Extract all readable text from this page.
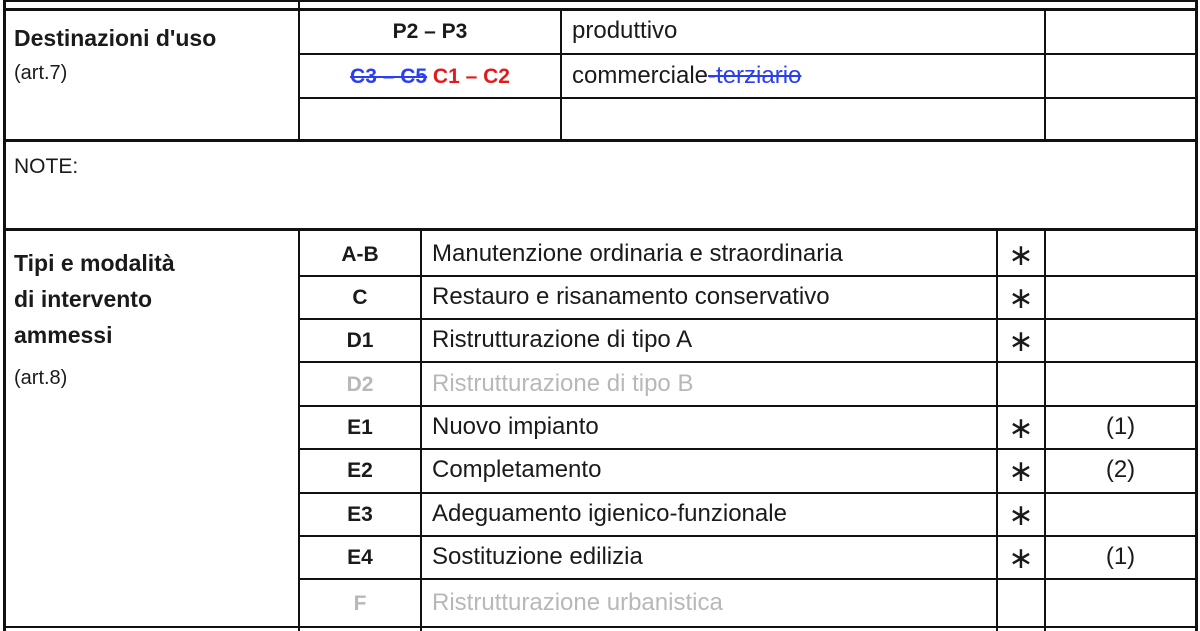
Destinazioni d'uso
(art.7)
P2 – P3	produttivo
C3 – C5 C1 – C2	commerciale-terziario
NOTE:
Tipi e modalità
di intervento
ammessi
(art.8)
A-B	Manutenzione ordinaria e straordinaria	∗
C	Restauro e risanamento conservativo	∗
D1	Ristrutturazione di tipo A	∗
D2	Ristrutturazione di tipo B
E1	Nuovo impianto	∗	(1)
E2	Completamento	∗	(2)
E3	Adeguamento igienico-funzionale	∗
E4	Sostituzione edilizia	∗	(1)
F	Ristrutturazione urbanistica
